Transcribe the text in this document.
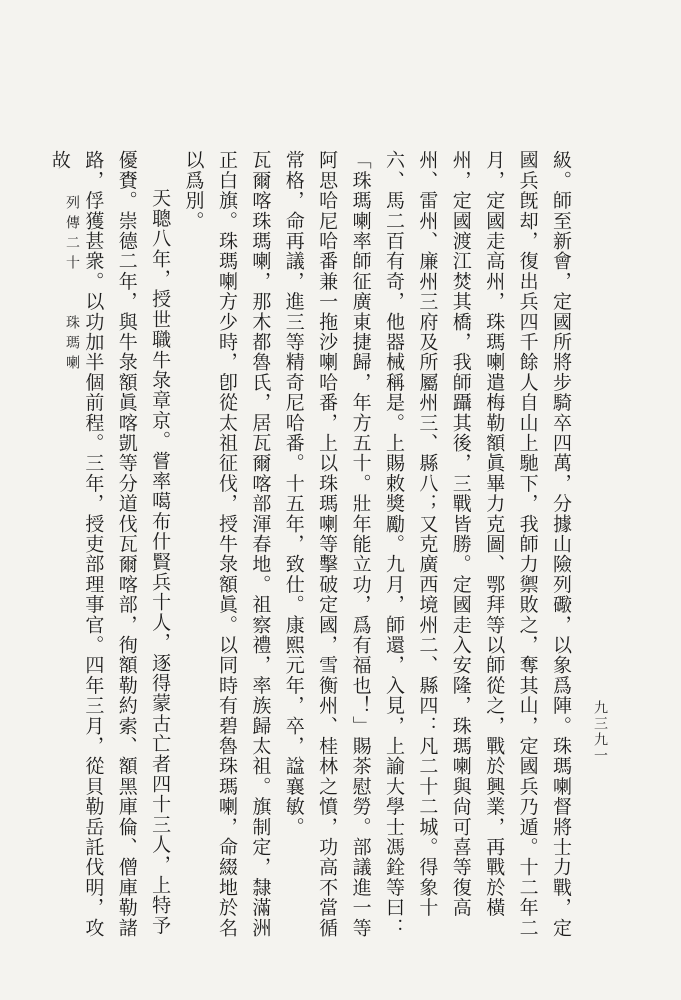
列傳二十珠瑪喇	級。師至新會，定國所將步騎卒四萬，分據山險列礮，以象爲陣。珠瑪喇督將士力戰，定國兵旣却，復出兵四千餘人自山上馳下，我師力禦敗之，奪其山，定國兵乃遁。十二年二月，定國走高州，珠瑪喇遣梅勒額眞畢力克圖、鄂拜等以師從之，戰於興業，再戰於橫州，定國渡江焚其橋，我師躡其後，三戰皆勝。定國走入安隆，珠瑪喇與尙可喜等復高州、雷州、廉州三府及所屬州三、縣八；又克廣西境州二、縣四：凡二十二城。得象十六、馬二百有奇，他器械稱是。上賜敕獎勵。九月，師還，入見，上諭大學士馮銓等曰：「珠瑪喇率師征廣東捷歸，年方五十。壯年能立功，爲有福也！」賜茶慰勞。部議進一等阿思哈尼哈番兼一拖沙喇哈番，上以珠瑪喇等擊破定國，雪衡州、桂林之憤，功高不當循常格，命再議，進三等精奇尼哈番。十五年，致仕。康熙元年，卒，諡襄敏。

瓦爾喀珠瑪喇，那木都魯氏，居瓦爾喀部渾春地。祖察禮，率族歸太祖。旗制定，隸滿洲正白旗。珠瑪喇方少時，卽從太祖征伐，授牛彔額眞。以同時有碧魯珠瑪喇，命綴地於名以爲別。

天聰八年，授世職牛彔章京。嘗率噶布什賢兵十人，逐得蒙古亡者四十三人，上特予優賚。崇德二年，與牛彔額眞喀凱等分道伐瓦爾喀部，徇額勒約索、額黑庫倫、僧庫勒諸路，俘獲甚衆。以功加半個前程。三年，授吏部理事官。四年三月，從貝勒岳託伐明，攻故

九三九一
